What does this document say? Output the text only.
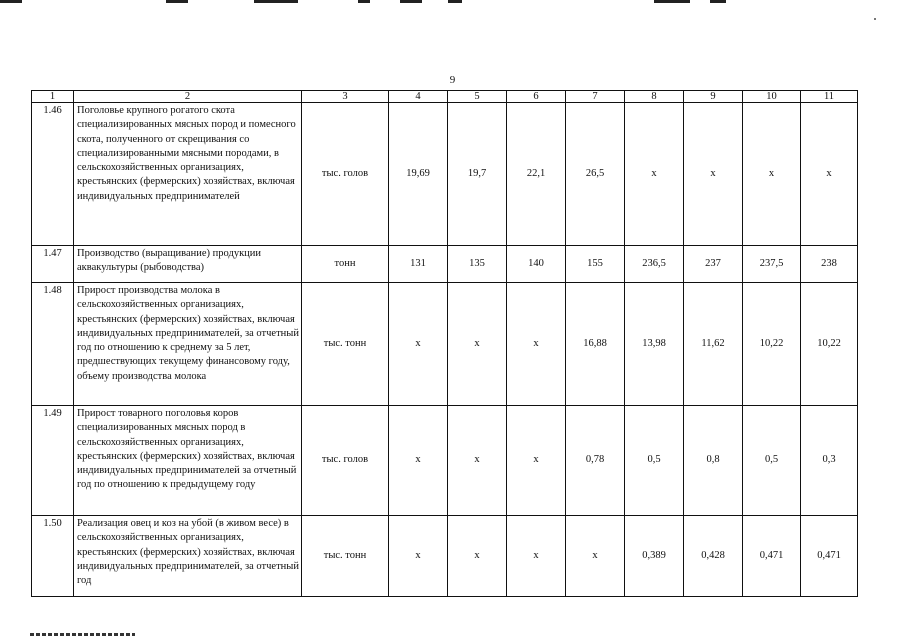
9
1	2	3	4	5	6	7	8	9	10	11
1.46	Поголовье крупного рогатого скота специализированных мясных пород и помесного скота, полученного от скрещивания со специализированными мясными породами, в сельскохозяйственных организациях, крестьянских (фермерских) хозяйствах, включая индивидуальных предпринимателей	тыс. голов	19,69	19,7	22,1	26,5	х	х	х	х
1.47	Производство (выращивание) продукции аквакультуры (рыбоводства)	тонн	131	135	140	155	236,5	237	237,5	238
1.48	Прирост производства молока в сельскохозяйственных организациях, крестьянских (фермерских) хозяйствах, включая индивидуальных предпринимателей, за отчетный год по отношению к среднему за 5 лет, предшествующих текущему финансовому году, объему производства молока	тыс. тонн	х	х	х	16,88	13,98	11,62	10,22	10,22
1.49	Прирост товарного поголовья коров специализированных мясных пород в сельскохозяйственных организациях, крестьянских (фермерских) хозяйствах, включая индивидуальных предпринимателей за отчетный год по отношению к предыдущему году	тыс. голов	х	х	х	0,78	0,5	0,8	0,5	0,3
1.50	Реализация овец и коз на убой (в живом весе) в сельскохозяйственных организациях, крестьянских (фермерских) хозяйствах, включая индивидуальных предпринимателей, за отчетный год	тыс. тонн	х	х	х	х	0,389	0,428	0,471	0,471
